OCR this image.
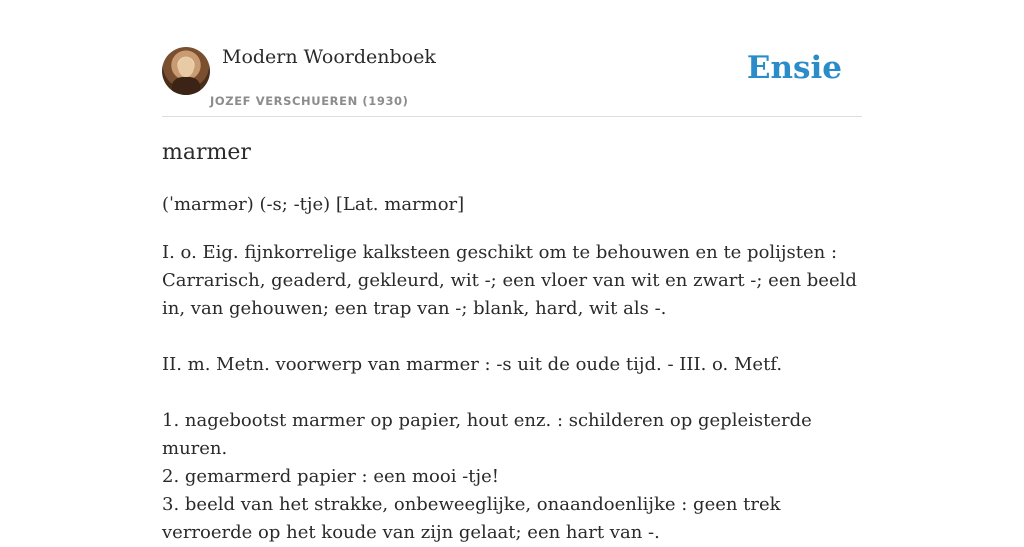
Modern Woordenboek
JOZEF VERSCHUEREN (1930)
Ensie
marmer
(ˈmarmər) (-s; -tje) [Lat. marmor]
I. o. Eig. fijnkorrelige kalksteen geschikt om te behouwen en te polijsten : Carrarisch, geaderd, gekleurd, wit -; een vloer van wit en zwart -; een beeld in, van gehouwen; een trap van -; blank, hard, wit als -.
II. m. Metn. voorwerp van marmer : -s uit de oude tijd. - III. o. Metf.
1. nagebootst marmer op papier, hout enz. : schilderen op gepleisterde muren.
2. gemarmerd papier : een mooi -tje!
3. beeld van het strakke, onbeweeglijke, onaandoenlijke : geen trek verroerde op het koude van zijn gelaat; een hart van -.
